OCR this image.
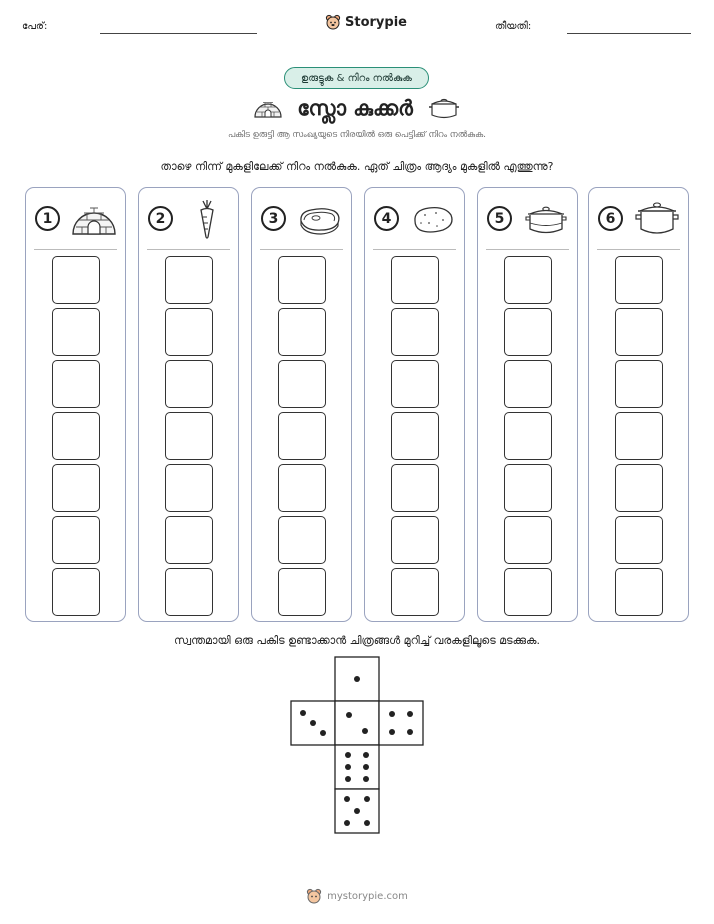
പേര്:	Storypie	തീയതി:
ഉരുട്ടുക & നിറം നൽകുക
സ്ലോ കുക്കർ
പകിട ഉരുട്ടി ആ സംഖ്യയുടെ നിരയിൽ ഒരു പെട്ടിക്ക് നിറം നൽകുക.
താഴെ നിന്ന് മുകളിലേക്ക് നിറം നൽകുക. ഏത് ചിത്രം ആദ്യം മുകളിൽ എത്തുന്നു?
1	2	3	4	5	6
സ്വന്തമായി ഒരു പകിട ഉണ്ടാക്കാൻ ചിത്രങ്ങൾ മുറിച്ച് വരകളിലൂടെ മടക്കുക.
mystorypie.com
